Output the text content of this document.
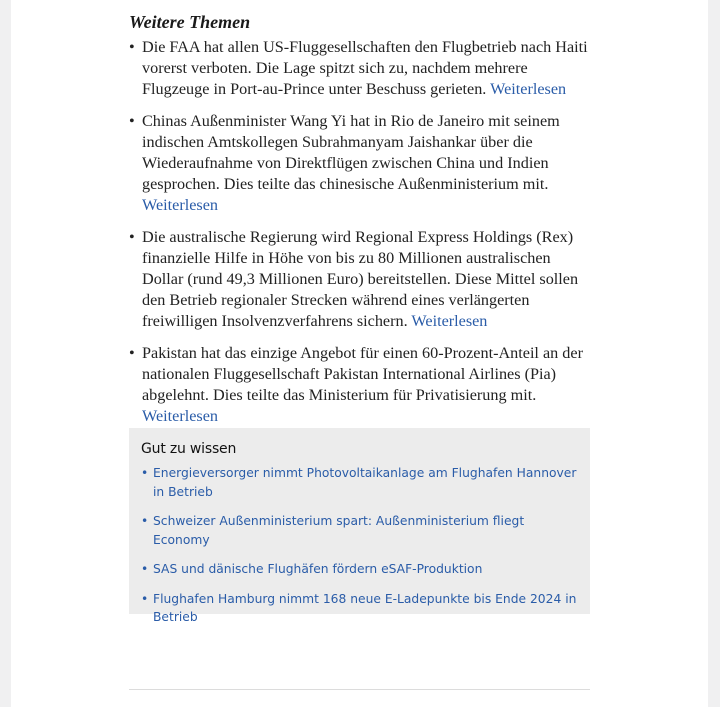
Weitere Themen
• Die FAA hat allen US-Fluggesellschaften den Flugbetrieb nach Haiti vorerst verboten. Die Lage spitzt sich zu, nachdem mehrere Flugzeuge in Port-au-Prince unter Beschuss gerieten. Weiterlesen
• Chinas Außenminister Wang Yi hat in Rio de Janeiro mit seinem indischen Amtskollegen Subrahmanyam Jaishankar über die Wiederaufnahme von Direktflügen zwischen China und Indien gesprochen. Dies teilte das chinesische Außenministerium mit. Weiterlesen
• Die australische Regierung wird Regional Express Holdings (Rex) finanzielle Hilfe in Höhe von bis zu 80 Millionen australischen Dollar (rund 49,3 Millionen Euro) bereitstellen. Diese Mittel sollen den Betrieb regionaler Strecken während eines verlängerten freiwilligen Insolvenzverfahrens sichern. Weiterlesen
• Pakistan hat das einzige Angebot für einen 60-Prozent-Anteil an der nationalen Fluggesellschaft Pakistan International Airlines (Pia) abgelehnt. Dies teilte das Ministerium für Privatisierung mit. Weiterlesen
Gut zu wissen
• Energieversorger nimmt Photovoltaikanlage am Flughafen Hannover in Betrieb
• Schweizer Außenministerium spart: Außenministerium fliegt Economy
• SAS und dänische Flughäfen fördern eSAF-Produktion
• Flughafen Hamburg nimmt 168 neue E-Ladepunkte bis Ende 2024 in Betrieb
